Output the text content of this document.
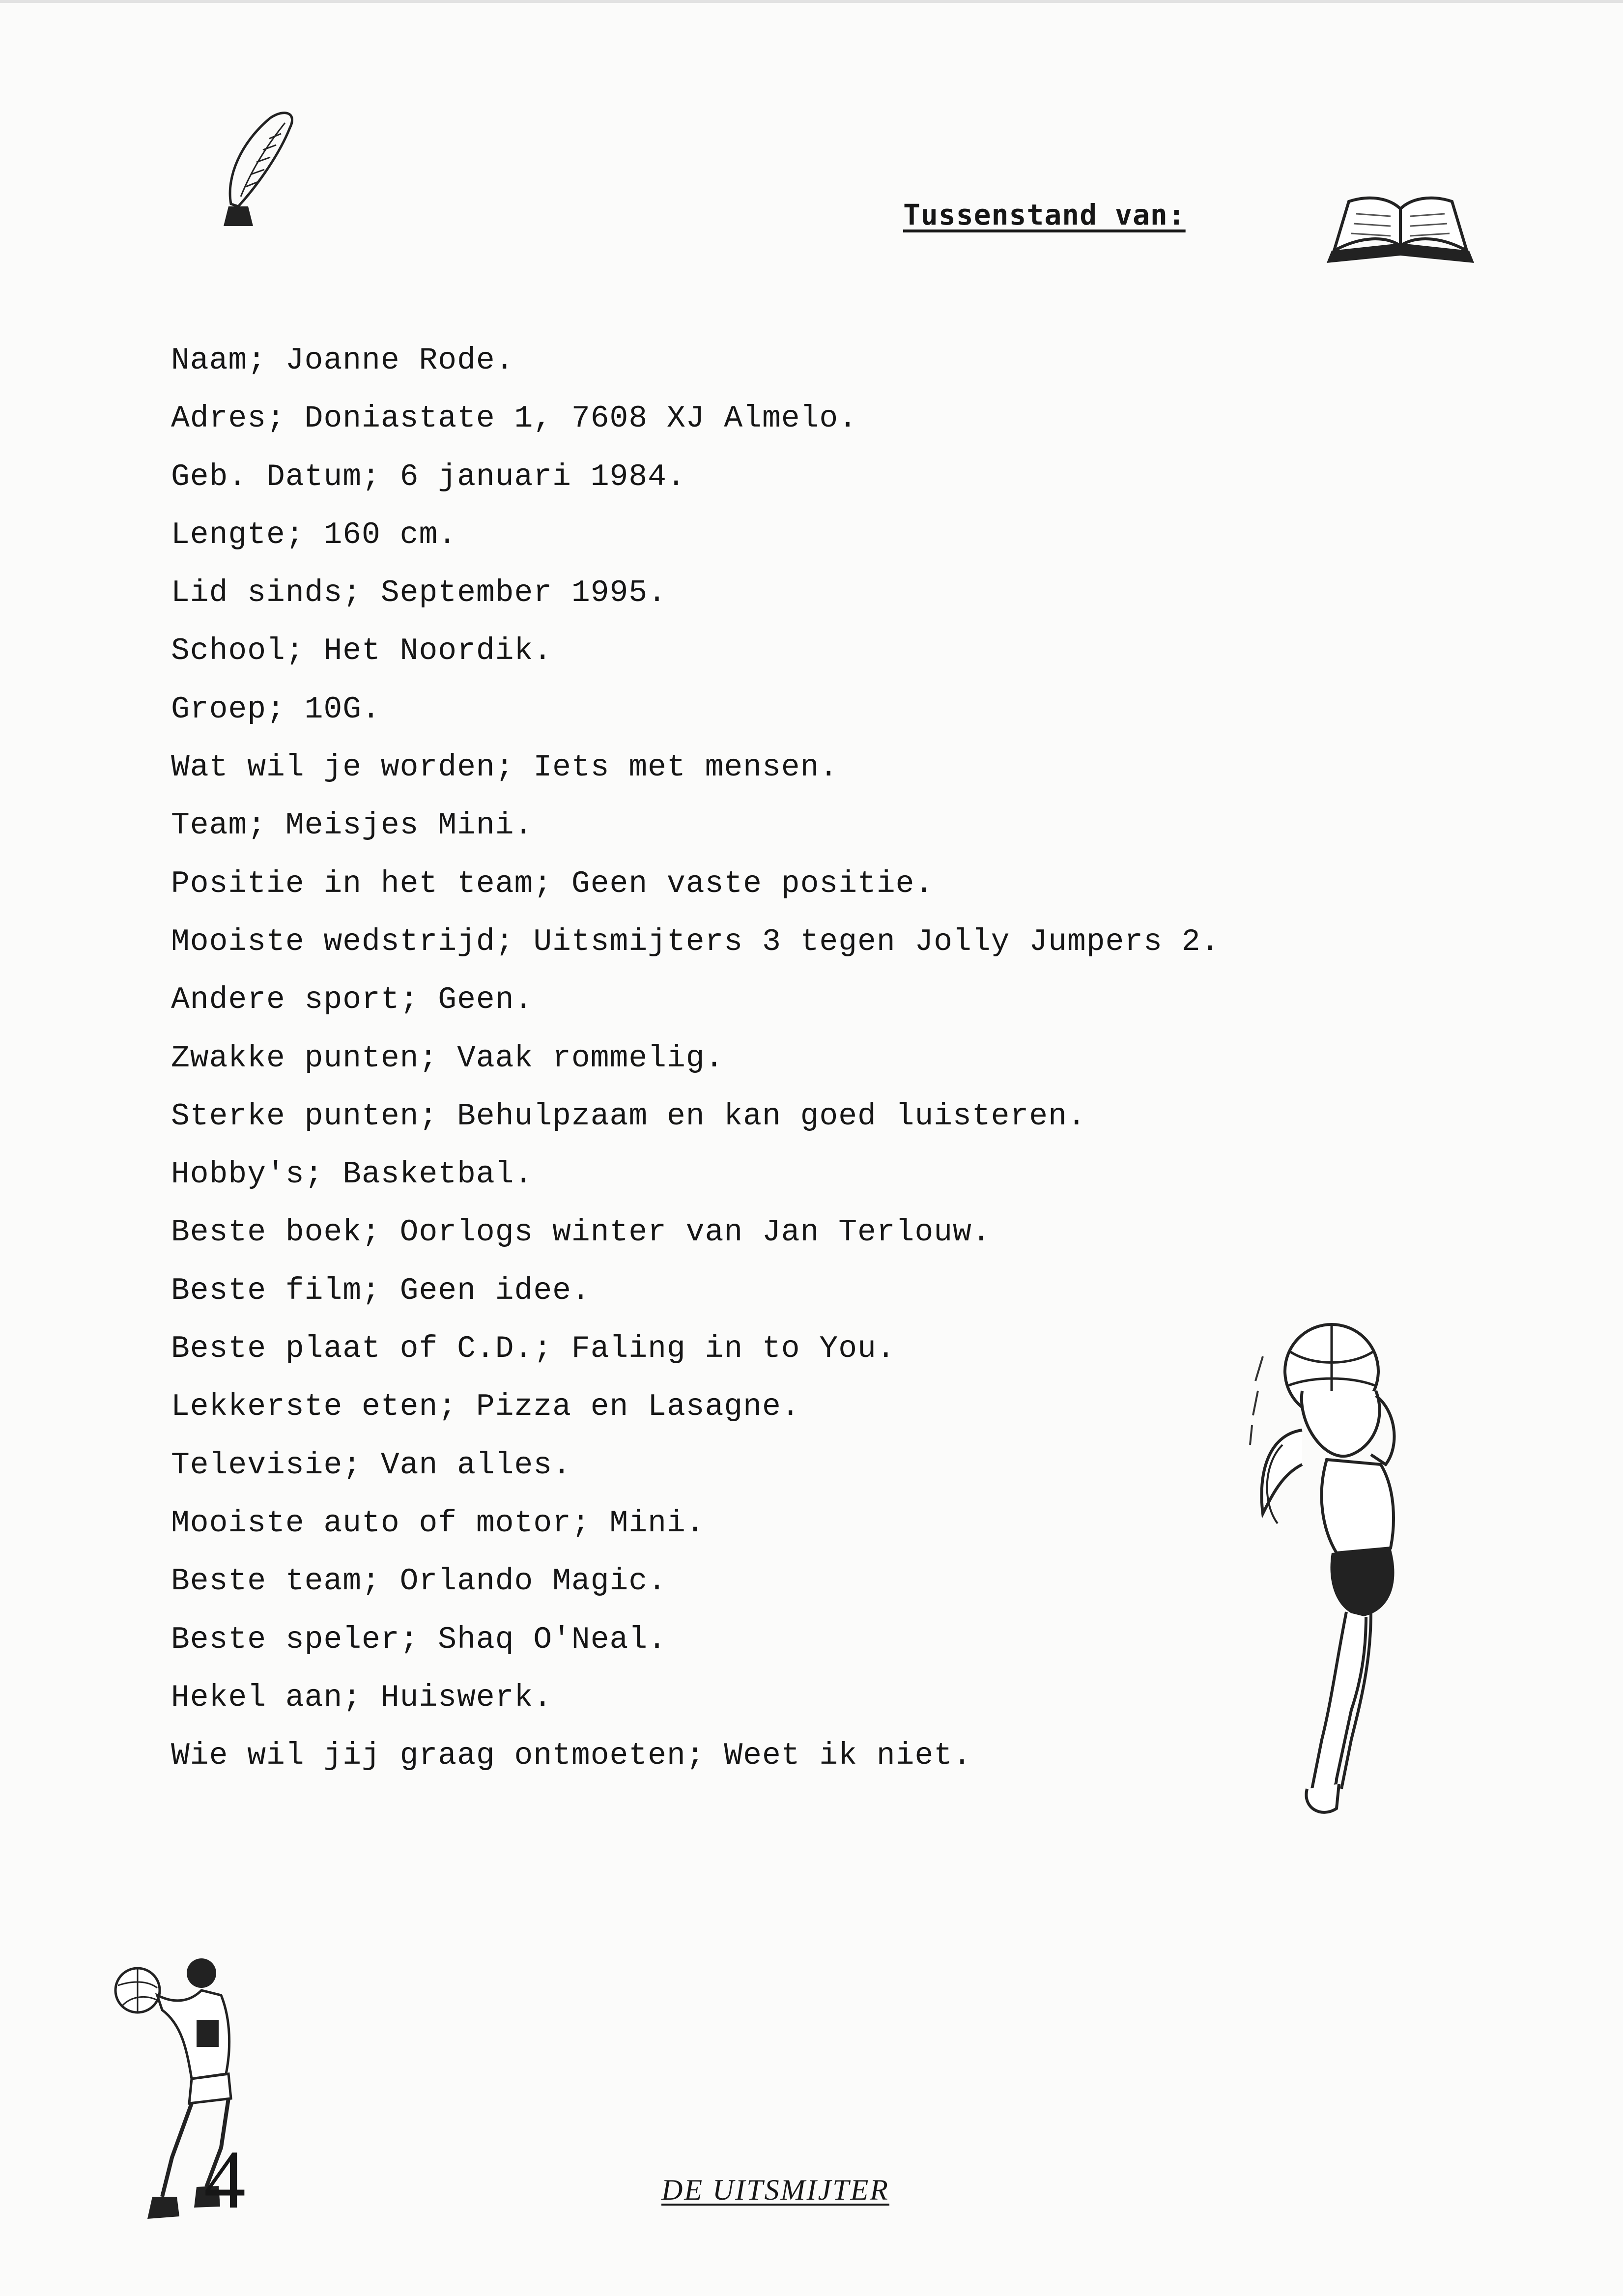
Tussenstand van:
Naam; Joanne Rode.
Adres; Doniastate 1, 7608 XJ Almelo.
Geb. Datum; 6 januari 1984.
Lengte; 160 cm.
Lid sinds; September 1995.
School; Het Noordik.
Groep; 10G.
Wat wil je worden; Iets met mensen.
Team; Meisjes Mini.
Positie in het team; Geen vaste positie.
Mooiste wedstrijd; Uitsmijters 3 tegen Jolly Jumpers 2.
Andere sport; Geen.
Zwakke punten; Vaak rommelig.
Sterke punten; Behulpzaam en kan goed luisteren.
Hobby's; Basketbal.
Beste boek; Oorlogs winter van Jan Terlouw.
Beste film; Geen idee.
Beste plaat of C.D.; Faling in to You.
Lekkerste eten; Pizza en Lasagne.
Televisie; Van alles.
Mooiste auto of motor; Mini.
Beste team; Orlando Magic.
Beste speler; Shaq O'Neal.
Hekel aan; Huiswerk.
Wie wil jij graag ontmoeten; Weet ik niet.
4	DE UITSMIJTER
